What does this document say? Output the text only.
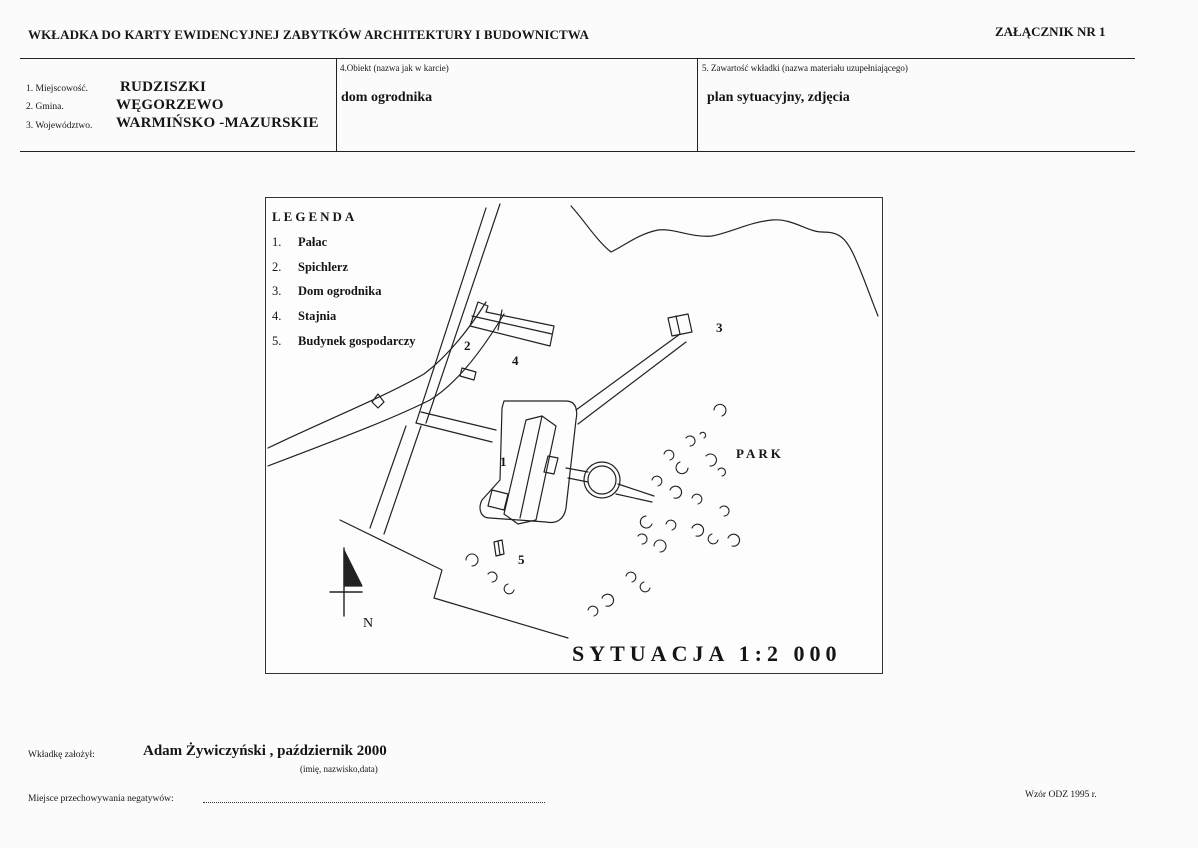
WKŁADKA DO KARTY EWIDENCYJNEJ ZABYTKÓW ARCHITEKTURY I BUDOWNICTWA	ZAŁĄCZNIK NR 1
1. Miejscowość. RUDZISZKI
2. Gmina.	WĘGORZEWO
3. Województwo. WARMIŃSKO -MAZURSKIE
4.Obiekt (nazwa jak w karcie)
dom ogrodnika
5. Zawartość wkładki (nazwa materiału uzupełniającego)
plan sytuacyjny, zdjęcia
LEGENDA
1. Pałac
2. Spichlerz
3. Dom ogrodnika
4. Stajnia
5. Budynek gospodarczy
1
2
3
4
5
PARK
N
SYTUACJA 1:2 000
Wkładkę założył:	Adam Żywiczyński , październik 2000
(imię, nazwisko,data)
Miejsce przechowywania negatywów:	Wzór ODZ 1995 r.
